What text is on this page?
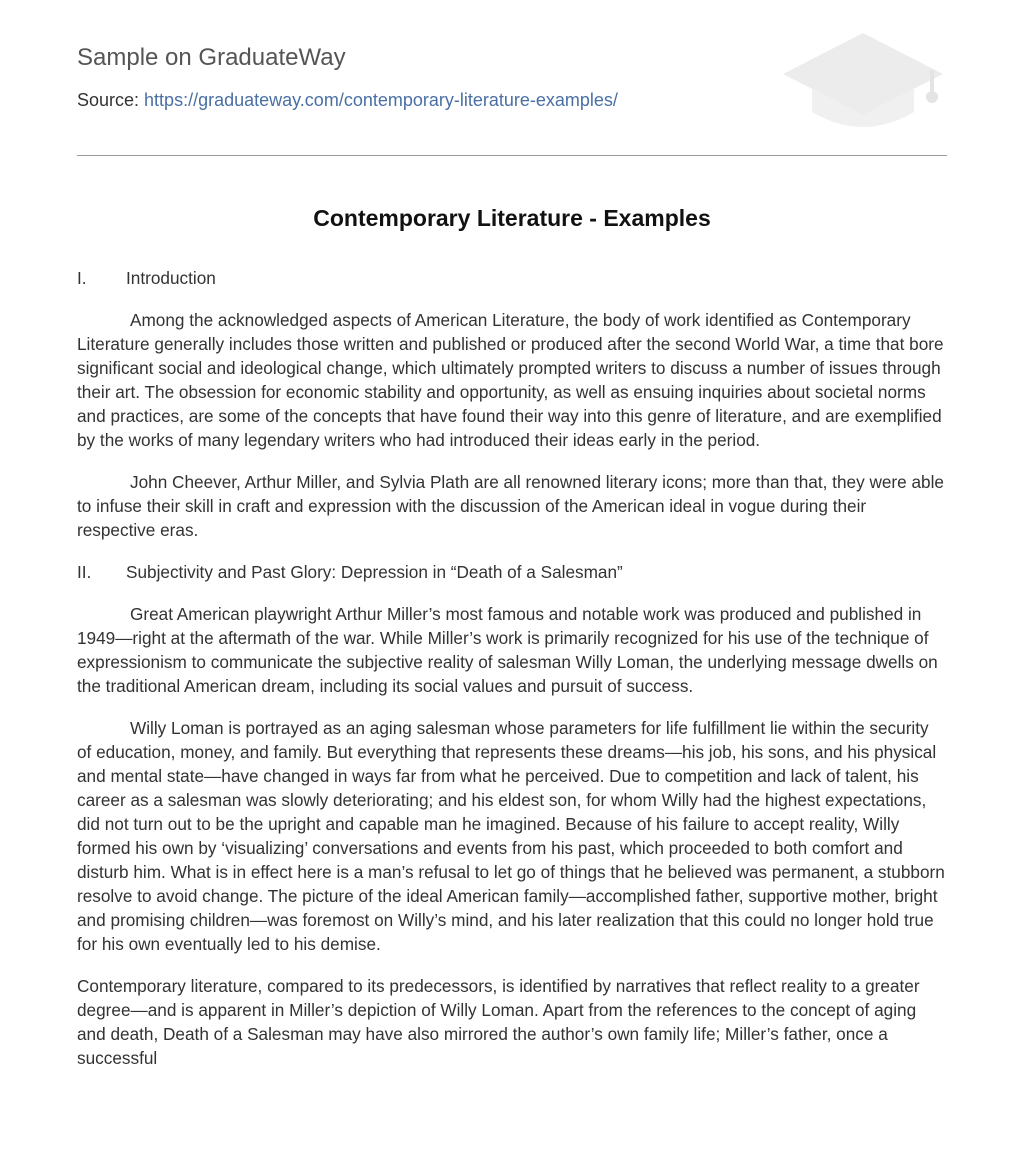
Sample on GraduateWay
Source: https://graduateway.com/contemporary-literature-examples/
Contemporary Literature - Examples

I. Introduction

Among the acknowledged aspects of American Literature, the body of work identified as Contemporary Literature generally includes those written and published or produced after the second World War, a time that bore significant social and ideological change, which ultimately prompted writers to discuss a number of issues through their art. The obsession for economic stability and opportunity, as well as ensuing inquiries about societal norms and practices, are some of the concepts that have found their way into this genre of literature, and are exemplified by the works of many legendary writers who had introduced their ideas early in the period.

John Cheever, Arthur Miller, and Sylvia Plath are all renowned literary icons; more than that, they were able to infuse their skill in craft and expression with the discussion of the American ideal in vogue during their respective eras.

II. Subjectivity and Past Glory: Depression in “Death of a Salesman”

Great American playwright Arthur Miller’s most famous and notable work was produced and published in 1949—right at the aftermath of the war. While Miller’s work is primarily recognized for his use of the technique of expressionism to communicate the subjective reality of salesman Willy Loman, the underlying message dwells on the traditional American dream, including its social values and pursuit of success.

Willy Loman is portrayed as an aging salesman whose parameters for life fulfillment lie within the security of education, money, and family. But everything that represents these dreams—his job, his sons, and his physical and mental state—have changed in ways far from what he perceived. Due to competition and lack of talent, his career as a salesman was slowly deteriorating; and his eldest son, for whom Willy had the highest expectations, did not turn out to be the upright and capable man he imagined. Because of his failure to accept reality, Willy formed his own by ‘visualizing’ conversations and events from his past, which proceeded to both comfort and disturb him. What is in effect here is a man’s refusal to let go of things that he believed was permanent, a stubborn resolve to avoid change. The picture of the ideal American family—accomplished father, supportive mother, bright and promising children—was foremost on Willy’s mind, and his later realization that this could no longer hold true for his own eventually led to his demise.

Contemporary literature, compared to its predecessors, is identified by narratives that reflect reality to a greater degree—and is apparent in Miller’s depiction of Willy Loman. Apart from the references to the concept of aging and death, Death of a Salesman may have also mirrored the author’s own family life; Miller’s father, once a successful
